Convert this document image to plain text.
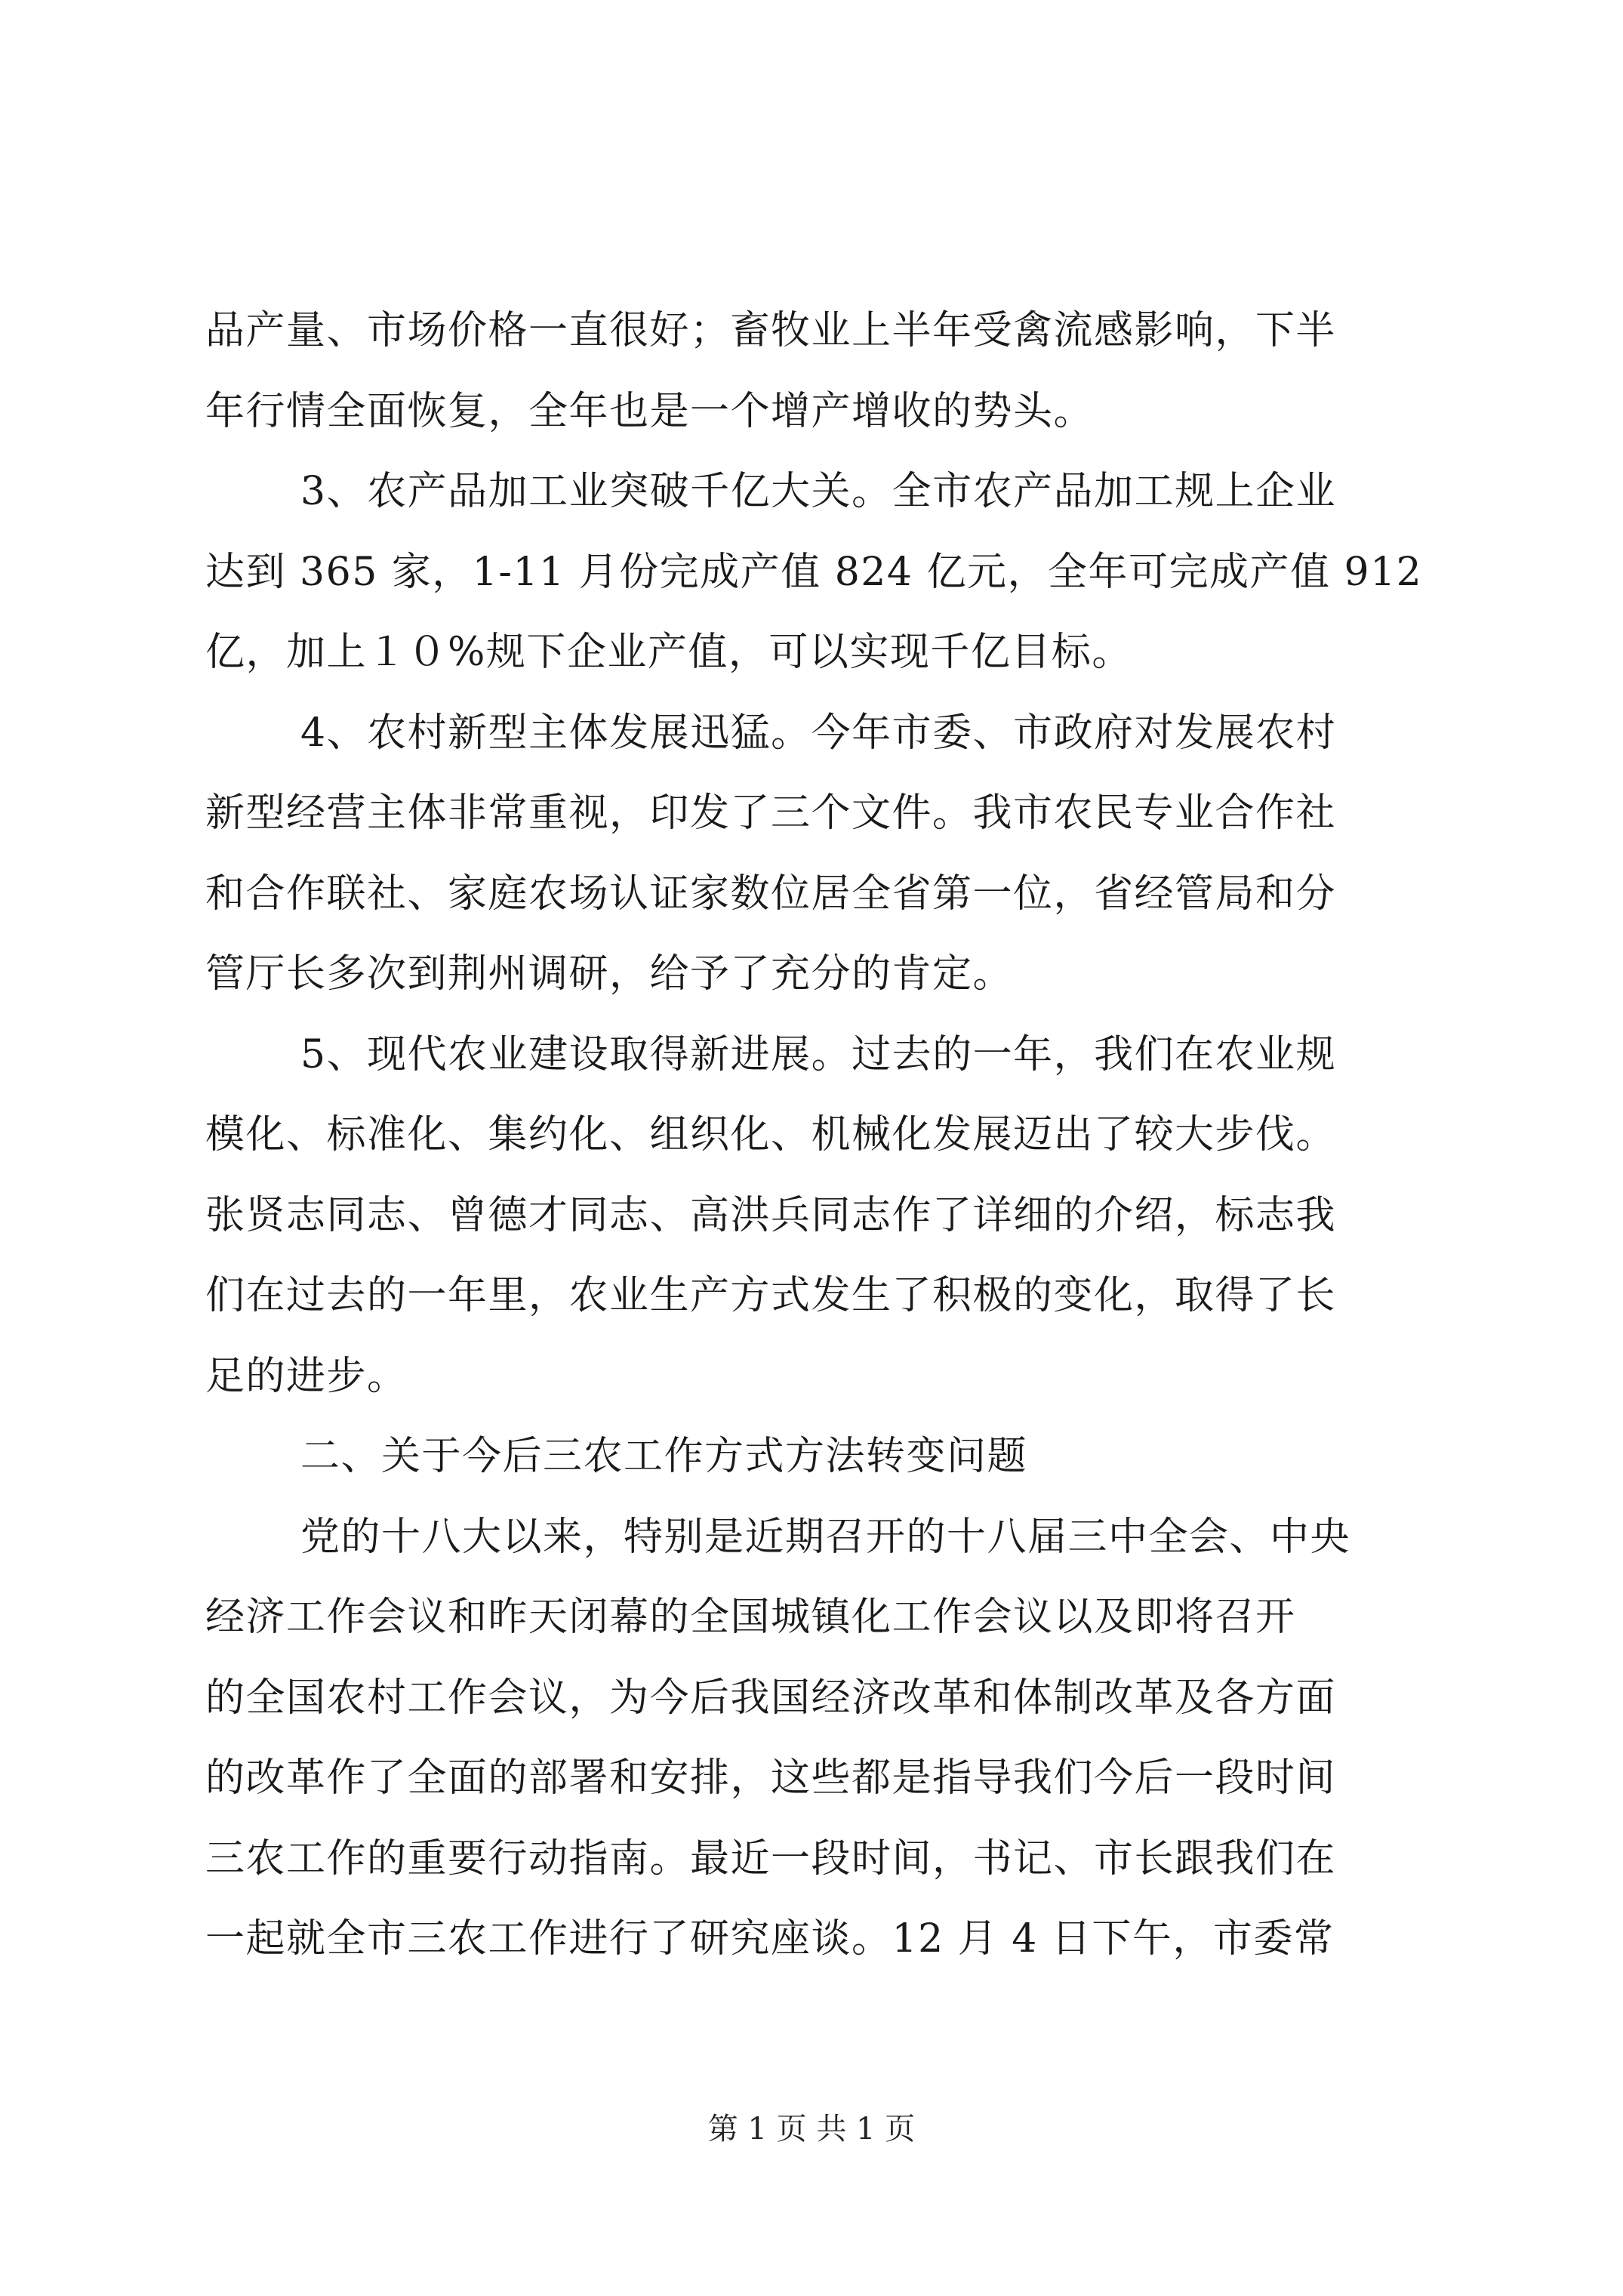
品产量、市场价格一直很好；畜牧业上半年受禽流感影响，下半
年行情全面恢复，全年也是一个增产增收的势头。
3、农产品加工业突破千亿大关。全市农产品加工规上企业
达到 365 家，1-11 月份完成产值 824 亿元，全年可完成产值 912
亿，加上１０%规下企业产值，可以实现千亿目标。
4、农村新型主体发展迅猛。今年市委、市政府对发展农村
新型经营主体非常重视，印发了三个文件。我市农民专业合作社
和合作联社、家庭农场认证家数位居全省第一位，省经管局和分
管厅长多次到荆州调研，给予了充分的肯定。
5、现代农业建设取得新进展。过去的一年，我们在农业规
模化、标准化、集约化、组织化、机械化发展迈出了较大步伐。
张贤志同志、曾德才同志、高洪兵同志作了详细的介绍，标志我
们在过去的一年里，农业生产方式发生了积极的变化，取得了长
足的进步。
二、关于今后三农工作方式方法转变问题
党的十八大以来，特别是近期召开的十八届三中全会、中央
经济工作会议和昨天闭幕的全国城镇化工作会议以及即将召开
的全国农村工作会议，为今后我国经济改革和体制改革及各方面
的改革作了全面的部署和安排，这些都是指导我们今后一段时间
三农工作的重要行动指南。最近一段时间，书记、市长跟我们在
一起就全市三农工作进行了研究座谈。12 月 4 日下午，市委常
第 1 页 共 1 页
